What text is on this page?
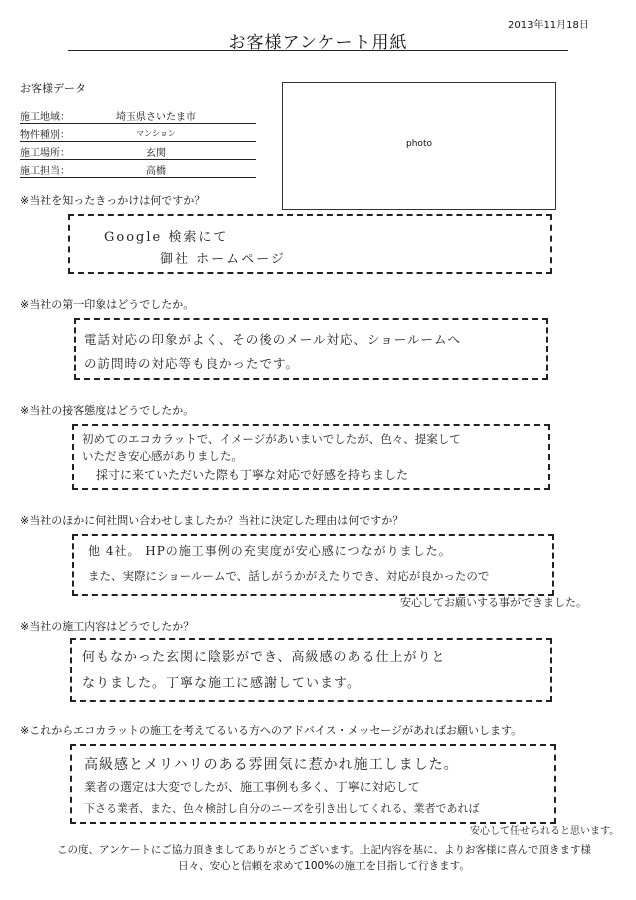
2013年11月18日
お客様アンケート用紙
お客様データ
施工地域：	埼玉県さいたま市
物件種別：	マンション
施工場所：	玄関
施工担当：	高橋
photo
※当社を知ったきっかけは何ですか？
Google 検索にて
御社 ホームページ
※当社の第一印象はどうでしたか。
電話対応の印象がよく、その後のメール対応、ショールームへ
の訪問時の対応等も良かったです。
※当社の接客態度はどうでしたか。
初めてのエコカラットで、イメージがあいまいでしたが、色々、提案して
いただき安心感がありました。
採寸に来ていただいた際も丁寧な対応で好感を持ちました
※当社のほかに何社問い合わせしましたか？当社に決定した理由は何ですか？
他 4社。 HPの施工事例の充実度が安心感につながりました。
また、実際にショールームで、話しがうかがえたりでき、対応が良かったので
安心してお願いする事ができました。
※当社の施工内容はどうでしたか？
何もなかった玄関に陰影ができ、高級感のある仕上がりと
なりました。丁寧な施工に感謝しています。
※これからエコカラットの施工を考えてるいる方へのアドバイス・メッセージがあればお願いします。
高級感とメリハリのある雰囲気に惹かれ施工しました。
業者の選定は大変でしたが、施工事例も多く、丁寧に対応して
下さる業者、また、色々検討し自分のニーズを引き出してくれる、業者であれば
安心して任せられると思います。
この度、アンケートにご協力頂きましてありがとうございます。上記内容を基に、よりお客様に喜んで頂きます様
日々、安心と信頼を求めて100%の施工を目指して行きます。
